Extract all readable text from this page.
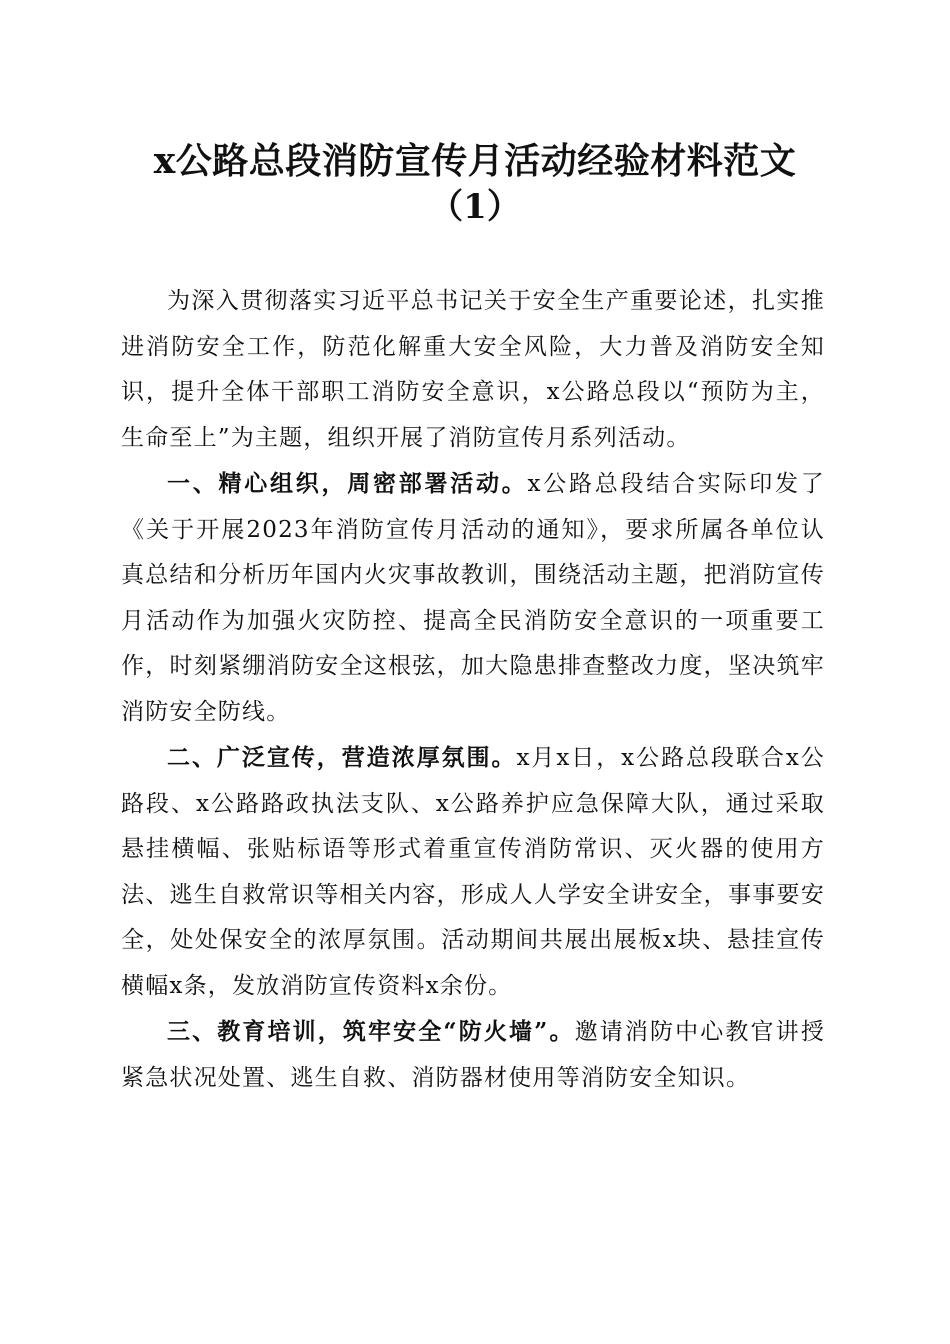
x公路总段消防宣传月活动经验材料范文
（1）

为深入贯彻落实习近平总书记关于安全生产重要论述，扎实推进消防安全工作，防范化解重大安全风险，大力普及消防安全知识，提升全体干部职工消防安全意识，x公路总段以“预防为主，生命至上”为主题，组织开展了消防宣传月系列活动。

一、精心组织，周密部署活动。x公路总段结合实际印发了《关于开展2023年消防宣传月活动的通知》，要求所属各单位认真总结和分析历年国内火灾事故教训，围绕活动主题，把消防宣传月活动作为加强火灾防控、提高全民消防安全意识的一项重要工作，时刻紧绷消防安全这根弦，加大隐患排查整改力度，坚决筑牢消防安全防线。

二、广泛宣传，营造浓厚氛围。x月x日，x公路总段联合x公路段、x公路路政执法支队、x公路养护应急保障大队，通过采取悬挂横幅、张贴标语等形式着重宣传消防常识、灭火器的使用方法、逃生自救常识等相关内容，形成人人学安全讲安全，事事要安全，处处保安全的浓厚氛围。活动期间共展出展板x块、悬挂宣传横幅x条，发放消防宣传资料x余份。

三、教育培训，筑牢安全“防火墙”。邀请消防中心教官讲授紧急状况处置、逃生自救、消防器材使用等消防安全知识。
